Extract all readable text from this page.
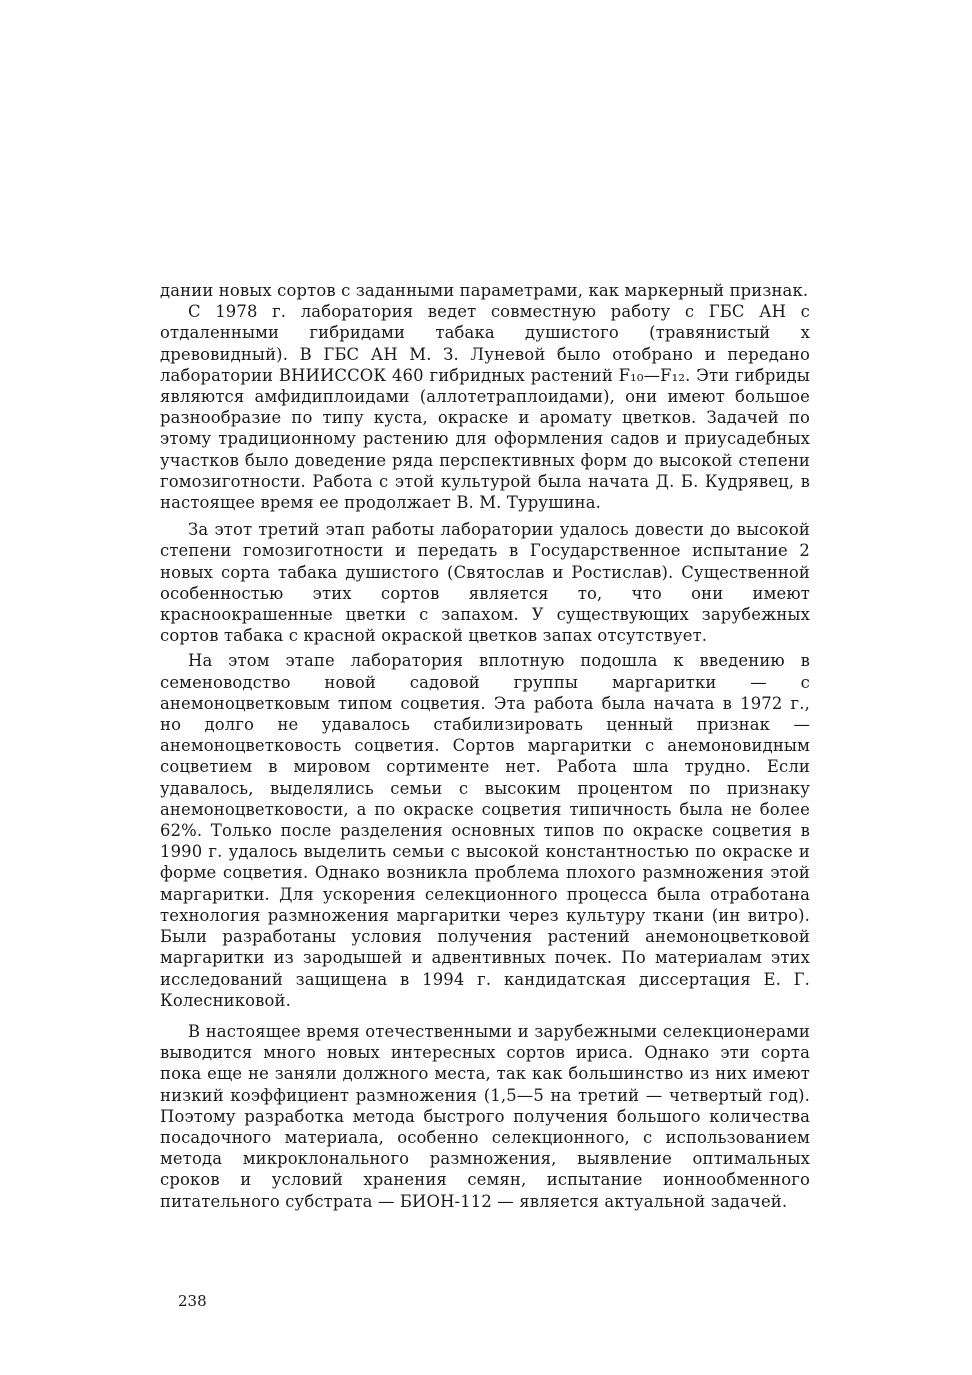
дании новых сортов с заданными параметрами, как маркерный признак.

С 1978 г. лаборатория ведет совместную работу с ГБС АН с отдаленными гибридами табака душистого (травянистый х древовидный). В ГБС АН М. З. Луневой было отобрано и передано лаборатории ВНИИССОК 460 гибридных растений F₁₀—F₁₂. Эти гибриды являются амфидиплоидами (аллотетраплоидами), они имеют большое разнообразие по типу куста, окраске и аромату цветков. Задачей по этому традиционному растению для оформления садов и приусадебных участков было доведение ряда перспективных форм до высокой степени гомозиготности. Работа с этой культурой была начата Д. Б. Кудрявец, в настоящее время ее продолжает В. М. Турушина.

За этот третий этап работы лаборатории удалось довести до высокой степени гомозиготности и передать в Государственное испытание 2 новых сорта табака душистого (Святослав и Ростислав). Существенной особенностью этих сортов является то, что они имеют красноокрашенные цветки с запахом. У существующих зарубежных сортов табака с красной окраской цветков запах отсутствует.

На этом этапе лаборатория вплотную подошла к введению в семеноводство новой садовой группы маргаритки — с анемоноцветковым типом соцветия. Эта работа была начата в 1972 г., но долго не удавалось стабилизировать ценный признак — анемоноцветковость соцветия. Сортов маргаритки с анемоновидным соцветием в мировом сортименте нет. Работа шла трудно. Если удавалось, выделялись семьи с высоким процентом по признаку анемоноцветковости, а по окраске соцветия типичность была не более 62%. Только после разделения основных типов по окраске соцветия в 1990 г. удалось выделить семьи с высокой константностью по окраске и форме соцветия. Однако возникла проблема плохого размножения этой маргаритки. Для ускорения селекционного процесса была отработана технология размножения маргаритки через культуру ткани (ин витро). Были разработаны условия получения растений анемоноцветковой маргаритки из зародышей и адвентивных почек. По материалам этих исследований защищена в 1994 г. кандидатская диссертация Е. Г. Колесниковой.

В настоящее время отечественными и зарубежными селекционерами выводится много новых интересных сортов ириса. Однако эти сорта пока еще не заняли должного места, так как большинство из них имеют низкий коэффициент размножения (1,5—5 на третий — четвертый год). Поэтому разработка метода быстрого получения большого количества посадочного материала, особенно селекционного, с использованием метода микроклонального размножения, выявление оптимальных сроков и условий хранения семян, испытание ионнообменного питательного субстрата — БИОН-112 — является актуальной задачей.

238
